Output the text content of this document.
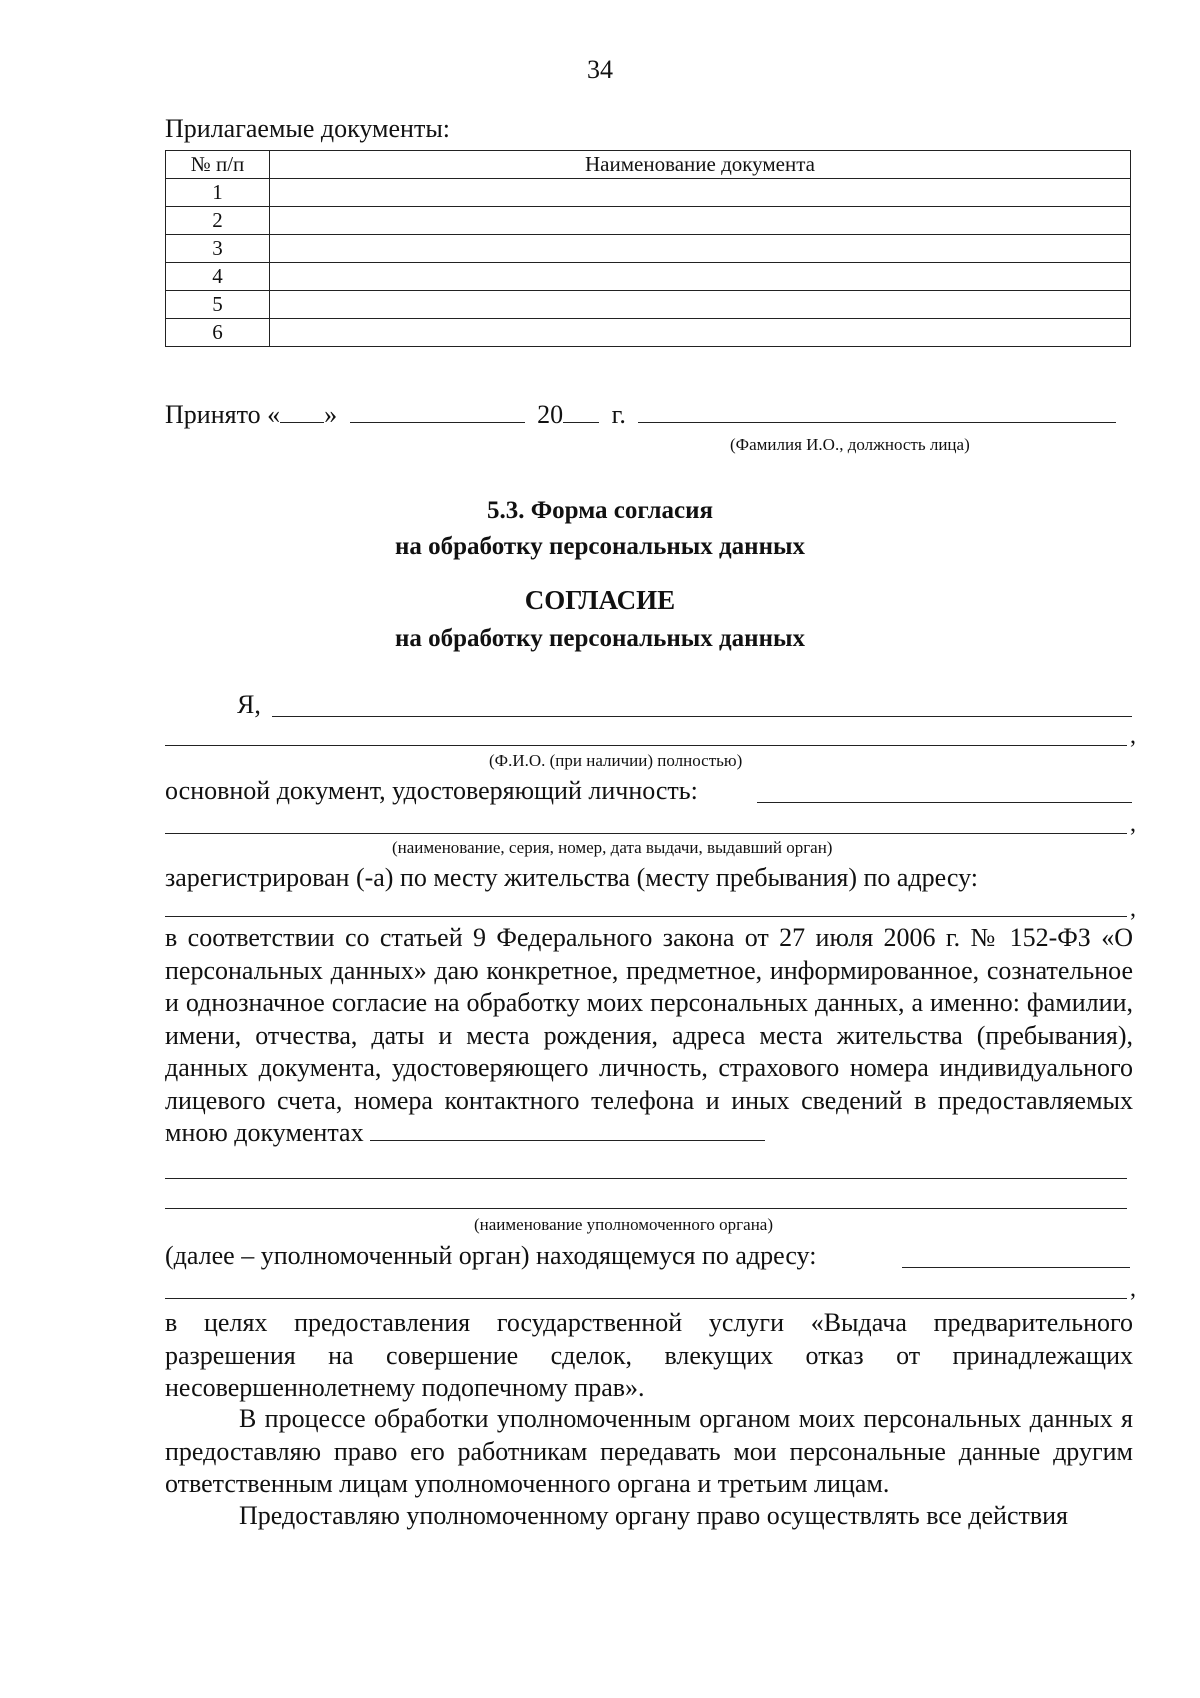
34
Прилагаемые документы:
№ п/п	Наименование документа
1	
2	
3	
4	
5	
6	
Принято « »	20 г.
(Фамилия И.О., должность лица)
5.3. Форма согласия
на обработку персональных данных
СОГЛАСИЕ
на обработку персональных данных
Я,
,
(Ф.И.О. (при наличии) полностью)
основной документ, удостоверяющий личность:
,
(наименование, серия, номер, дата выдачи, выдавший орган)
зарегистрирован (-а) по месту жительства (месту пребывания) по адресу:
,
в соответствии со статьей 9 Федерального закона от 27 июля 2006 г. № 152-ФЗ «О персональных данных» даю конкретное, предметное, информированное, сознательное и однозначное согласие на обработку моих персональных данных, а именно: фамилии, имени, отчества, даты и места рождения, адреса места жительства (пребывания), данных документа, удостоверяющего личность, страхового номера индивидуального лицевого счета, номера контактного телефона и иных сведений в предоставляемых мною документах
(наименование уполномоченного органа)
(далее – уполномоченный орган) находящемуся по адресу:
,
в целях предоставления государственной услуги «Выдача предварительного разрешения на совершение сделок, влекущих отказ от принадлежащих несовершеннолетнему подопечному прав».
В процессе обработки уполномоченным органом моих персональных данных я предоставляю право его работникам передавать мои персональные данные другим ответственным лицам уполномоченного органа и третьим лицам.
Предоставляю уполномоченному органу право осуществлять все действия
